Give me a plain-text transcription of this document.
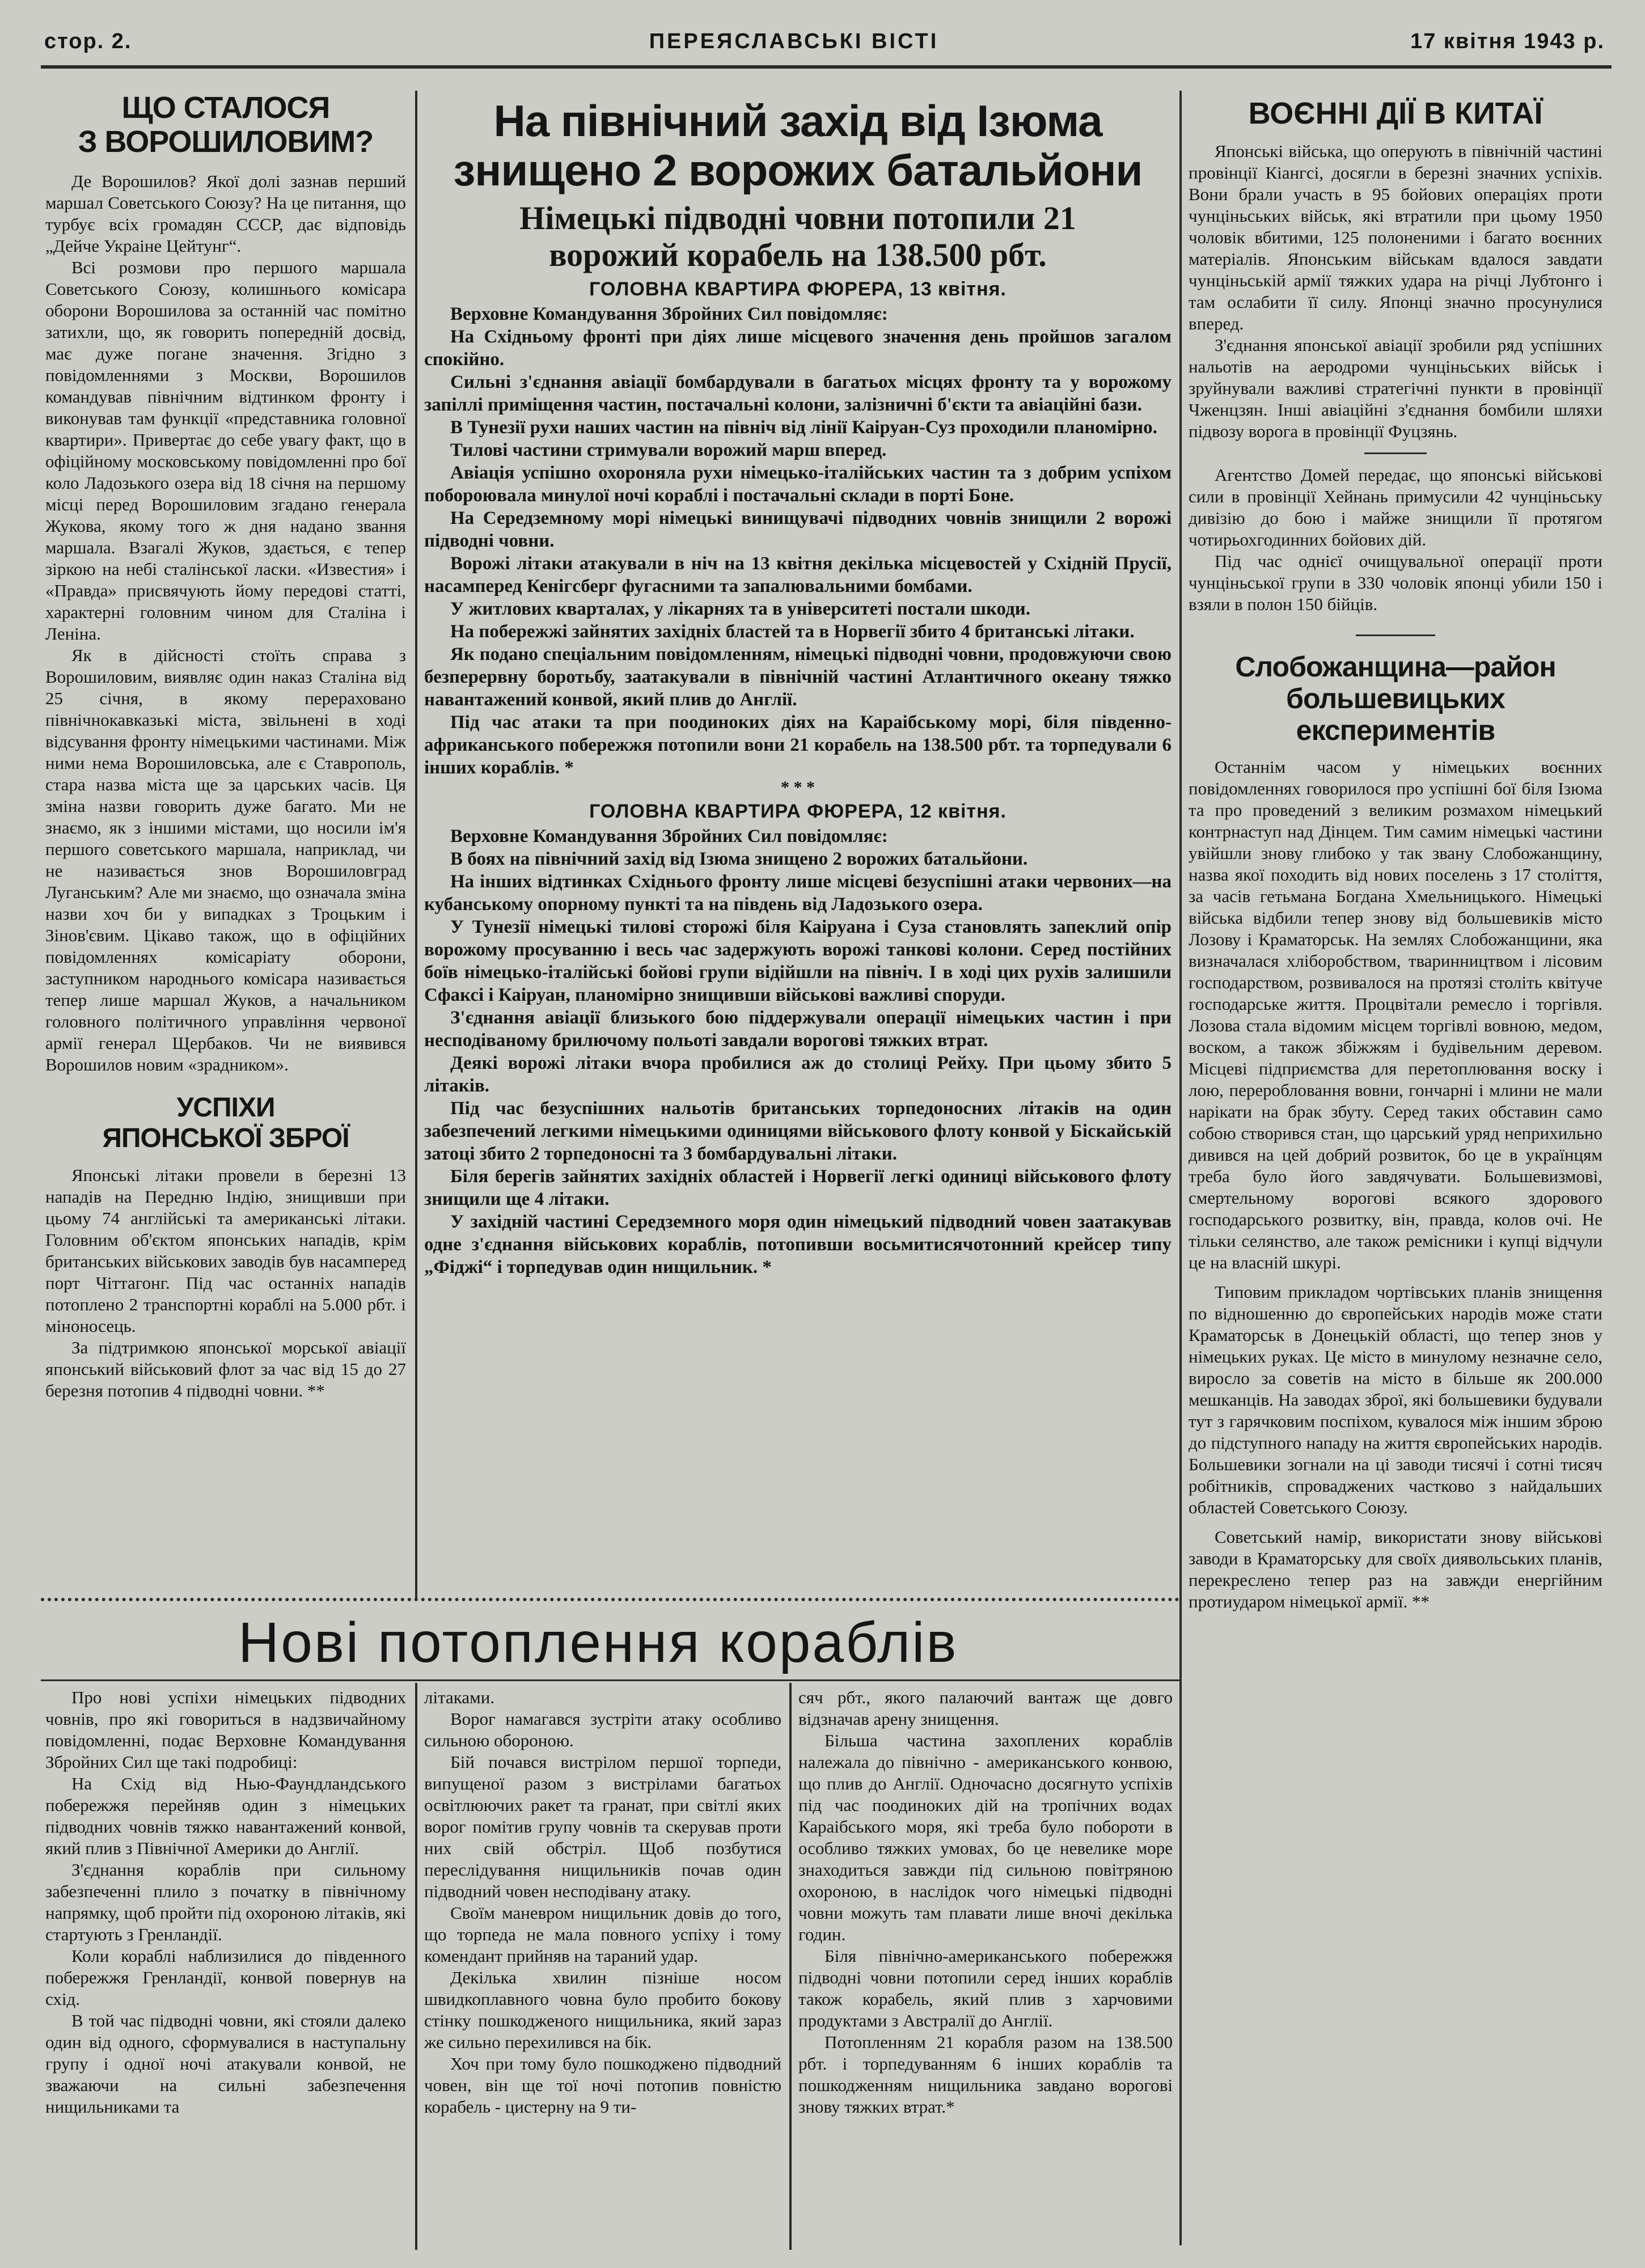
стор. 2.	ПЕРЕЯСЛАВСЬКІ ВІСТІ	17 квітня 1943 р.
ЩО СТАЛОСЯ
З ВОРОШИЛОВИМ?

Де Ворошилов? Якої долі зазнав перший маршал Советського Союзу? На це питання, що турбує всіх громадян СССР, дає відповідь „Дейче Украіне Цейтунг“.

Всі розмови про першого маршала Советського Союзу, колишнього комісара оборони Ворошилова за останній час помітно затихли, що, як говорить попередній досвід, має дуже погане значення. Згідно з повідомленнями з Москви, Ворошилов командував північним відтинком фронту і виконував там функції «представника головної квартири». Привертає до себе увагу факт, що в офіційному московському повідомленні про бої коло Ладозького озера від 18 січня на першому місці перед Ворошиловим згадано генерала Жукова, якому того ж дня надано звання маршала. Взагалі Жуков, здається, є тепер зіркою на небі сталінської ласки. «Известия» і «Правда» присвячують йому передові статті, характерні головним чином для Сталіна і Леніна.

Як в дійсності стоїть справа з Ворошиловим, виявляє один наказ Сталіна від 25 січня, в якому перераховано північнокавказькі міста, звільнені в ході відсування фронту німецькими частинами. Між ними нема Ворошиловська, але є Ставрополь, стара назва міста ще за царських часів. Ця зміна назви говорить дуже багато. Ми не знаємо, як з іншими містами, що носили ім'я першого советського маршала, наприклад, чи не називається знов Ворошиловград Луганським? Але ми знаємо, що означала зміна назви хоч би у випадках з Троцьким і Зінов'євим. Цікаво також, що в офіційних повідомленнях комісаріату оборони, заступником народнього комісара називається тепер лише маршал Жуков, а начальником головного політичного управління червоної армії генерал Щербаков. Чи не виявився Ворошилов новим «зрадником».

УСПІХИ
ЯПОНСЬКОЇ ЗБРОЇ

Японські літаки провели в березні 13 нападів на Передню Індію, знищивши при цьому 74 англійські та американські літаки. Головним об'єктом японських нападів, крім британських військових заводів був насамперед порт Чіттагонг. Під час останніх нападів потоплено 2 транспортні кораблі на 5.000 рбт. і міноносець.

За підтримкою японської морської авіації японський військовий флот за час від 15 до 27 березня потопив 4 підводні човни. **

На північний захід від Ізюма
знищено 2 ворожих батальйони
Німецькі підводні човни потопили 21
ворожий корабель на 138.500 рбт.
ГОЛОВНА КВАРТИРА ФЮРЕРА, 13 квітня.

Верховне Командування Збройних Сил повідомляє:

На Східньому фронті при діях лише місцевого значення день пройшов загалом спокійно.

Сильні з'єднання авіації бомбардували в багатьох місцях фронту та у ворожому запіллі приміщення частин, постачальні колони, залізничні б'єкти та авіаційні бази.

В Тунезії рухи наших частин на північ від лінії Каіруан-Суз проходили планомірно.

Тилові частини стримували ворожий марш вперед.

Авіація успішно охороняла рухи німецько-італійських частин та з добрим успіхом побороювала минулої ночі кораблі і постачальні склади в порті Боне.

На Середземному морі німецькі винищувачі підводних човнів знищили 2 ворожі підводні човни.

Ворожі літаки атакували в ніч на 13 квітня декілька місцевостей у Східній Прусії, насамперед Кенігсберг фугасними та запалювальними бомбами.

У житлових кварталах, у лікарнях та в університеті постали шкоди.

На побережжі зайнятих західніх бластей та в Норвегії збито 4 британські літаки.

Як подано спеціальним повідомленням, німецькі підводні човни, продовжуючи свою безперервну боротьбу, заатакували в північній частині Атлантичного океану тяжко навантажений конвой, який плив до Англії.

Під час атаки та при поодиноких діях на Караібському морі, біля південно-африканського побережжя потопили вони 21 корабель на 138.500 рбт. та торпедували 6 інших кораблів. *

* * *
ГОЛОВНА КВАРТИРА ФЮРЕРА, 12 квітня.

Верховне Командування Збройних Сил повідомляє:

В боях на північний захід від Ізюма знищено 2 ворожих батальйони.

На інших відтинках Східнього фронту лише місцеві безуспішні атаки червоних—на кубанському опорному пункті та на південь від Ладозького озера.

У Тунезії німецькі тилові сторожі біля Каіруана і Суза становлять запеклий опір ворожому просуванню і весь час задержують ворожі танкові колони. Серед постійних боїв німецько-італійські бойові групи відійшли на північ. І в ході цих рухів залишили Сфаксі і Каіруан, планомірно знищивши військові важливі споруди.

З'єднання авіації близького бою піддержували операції німецьких частин і при несподіваному брилючому польоті завдали ворогові тяжких втрат.

Деякі ворожі літаки вчора пробилися аж до столиці Рейху. При цьому збито 5 літаків.

Під час безуспішних нальотів британських торпедоносних літаків на один забезпечений легкими німецькими одиницями військового флоту конвой у Біскайській затоці збито 2 торпедоносні та 3 бомбардувальні літаки.

Біля берегів зайнятих західніх областей і Норвегії легкі одиниці військового флоту знищили ще 4 літаки.

У західній частині Середземного моря один німецький підводний човен заатакував одне з'єднання військових кораблів, потопивши восьмитисячотонний крейсер типу „Фіджі“ і торпедував один нищильник. *

ВОЄННІ ДІЇ В КИТАЇ

Японські війська, що оперують в північній частині провінції Кіангсі, досягли в березні значних успіхів. Вони брали участь в 95 бойових операціях проти чунціньських військ, які втратили при цьому 1950 чоловік вбитими, 125 полоненими і багато воєнних матеріалів. Японським військам вдалося завдати чунціньській армії тяжких удара на річці Лубтонго і там ослабити її силу. Японці значно просунулися вперед.

З'єднання японської авіації зробили ряд успішних нальотів на аеродроми чунціньських військ і зруйнували важливі стратегічні пункти в провінції Чженцзян. Інші авіаційні з'єднання бомбили шляхи підвозу ворога в провінції Фуцзянь.

Агентство Домей передає, що японські військові сили в провінції Хейнань примусили 42 чунціньську дивізію до бою і майже знищили її протягом чотирьохгодинних бойових дій.

Під час однієї очищувальної операції проти чунціньської групи в 330 чоловік японці убили 150 і взяли в полон 150 бійців.

Слобожанщина—район
большевицьких експериментів

Останнім часом у німецьких воєнних повідомленнях говорилося про успішні бої біля Ізюма та про проведений з великим розмахом німецький контрнаступ над Дінцем. Тим самим німецькі частини увійшли знову глибоко у так звану Слобожанщину, назва якої походить від нових поселень з 17 століття, за часів гетьмана Богдана Хмельницького. Німецькі війська відбили тепер знову від большевиків місто Лозову і Краматорськ. На землях Слобожанщини, яка визначалася хліборобством, тваринництвом і лісовим господарством, розвивалося на протязі століть квітуче господарське життя. Процвітали ремесло і торгівля. Лозова стала відомим місцем торгівлі вовною, медом, воском, а також збіжжям і будівельним деревом. Місцеві підприємства для перетоплювання воску і лою, переробловання вовни, гончарні і млини не мали нарікати на брак збуту. Серед таких обставин само собою створився стан, що царський уряд неприхильно дивився на цей добрий розвиток, бо це в українцям треба було його завдячувати. Большевизмові, смертельному ворогові всякого здорового господарського розвитку, він, правда, колов очі. Не тільки селянство, але також ремісники і купці відчули це на власній шкурі.

Типовим прикладом чортівських планів знищення по відношенню до європейських народів може стати Краматорськ в Донецькій області, що тепер знов у німецьких руках. Це місто в минулому незначне село, виросло за советів на місто в більше як 200.000 мешканців. На заводах зброї, які большевики будували тут з гарячковим поспіхом, кувалося між іншим зброю до підступного нападу на життя європейських народів. Большевики зогнали на ці заводи тисячі і сотні тисяч робітників, спроваджених частково з найдальших областей Советського Союзу.

Советський намір, використати знову військові заводи в Краматорську для своїх диявольських планів, перекреслено тепер раз на завжди енергійним протиударом німецької армії. **

Нові потоплення кораблів

Про нові успіхи німецьких підводних човнів, про які говориться в надзвичайному повідомленні, подає Верховне Командування Збройних Сил ще такі подробиці:

На Схід від Нью-Фаундландського побережжя перейняв один з німецьких підводних човнів тяжко навантажений конвой, який плив з Північної Америки до Англії.

З'єднання кораблів при сильному забезпеченні плило з початку в північному напрямку, щоб пройти під охороною літаків, які стартують з Гренландії.

Коли кораблі наблизилися до південного побережжя Гренландії, конвой повернув на схід.

В той час підводні човни, які стояли далеко один від одного, сформувалися в наступальну групу і одної ночі атакували конвой, не зважаючи на сильні забезпечення нищильниками та

літаками.

Ворог намагався зустріти атаку особливо сильною обороною.

Бій почався вистрілом першої торпеди, випущеної разом з вистрілами багатьох освітлюючих ракет та гранат, при світлі яких ворог помітив групу човнів та скерував проти них свій обстріл. Щоб позбутися переслідування нищильників почав один підводний човен несподівану атаку.

Своїм маневром нищильник довів до того, що торпеда не мала повного успіху і тому комендант прийняв на тараний удар.

Декілька хвилин пізніше носом швидкоплавного човна було пробито бокову стінку пошкодженого нищильника, який зараз же сильно перехилився на бік.

Хоч при тому було пошкоджено підводний човен, він ще тої ночі потопив повністю корабель - цистерну на 9 ти-

сяч рбт., якого палаючий вантаж ще довго відзначав арену знищення.

Більша частина захоплених кораблів належала до північно - американського конвою, що плив до Англії. Одночасно досягнуто успіхів під час поодиноких дій на тропічних водах Караібського моря, які треба було побороти в особливо тяжких умовах, бо це невелике море знаходиться завжди під сильною повітряною охороною, в наслідок чого німецькі підводні човни можуть там плавати лише вночі декілька годин.

Біля північно-американського побережжя підводні човни потопили серед інших кораблів також корабель, який плив з харчовими продуктами з Австралії до Англії.

Потопленням 21 корабля разом на 138.500 рбт. і торпедуванням 6 інших кораблів та пошкодженням нищильника завдано ворогові знову тяжких втрат.*
